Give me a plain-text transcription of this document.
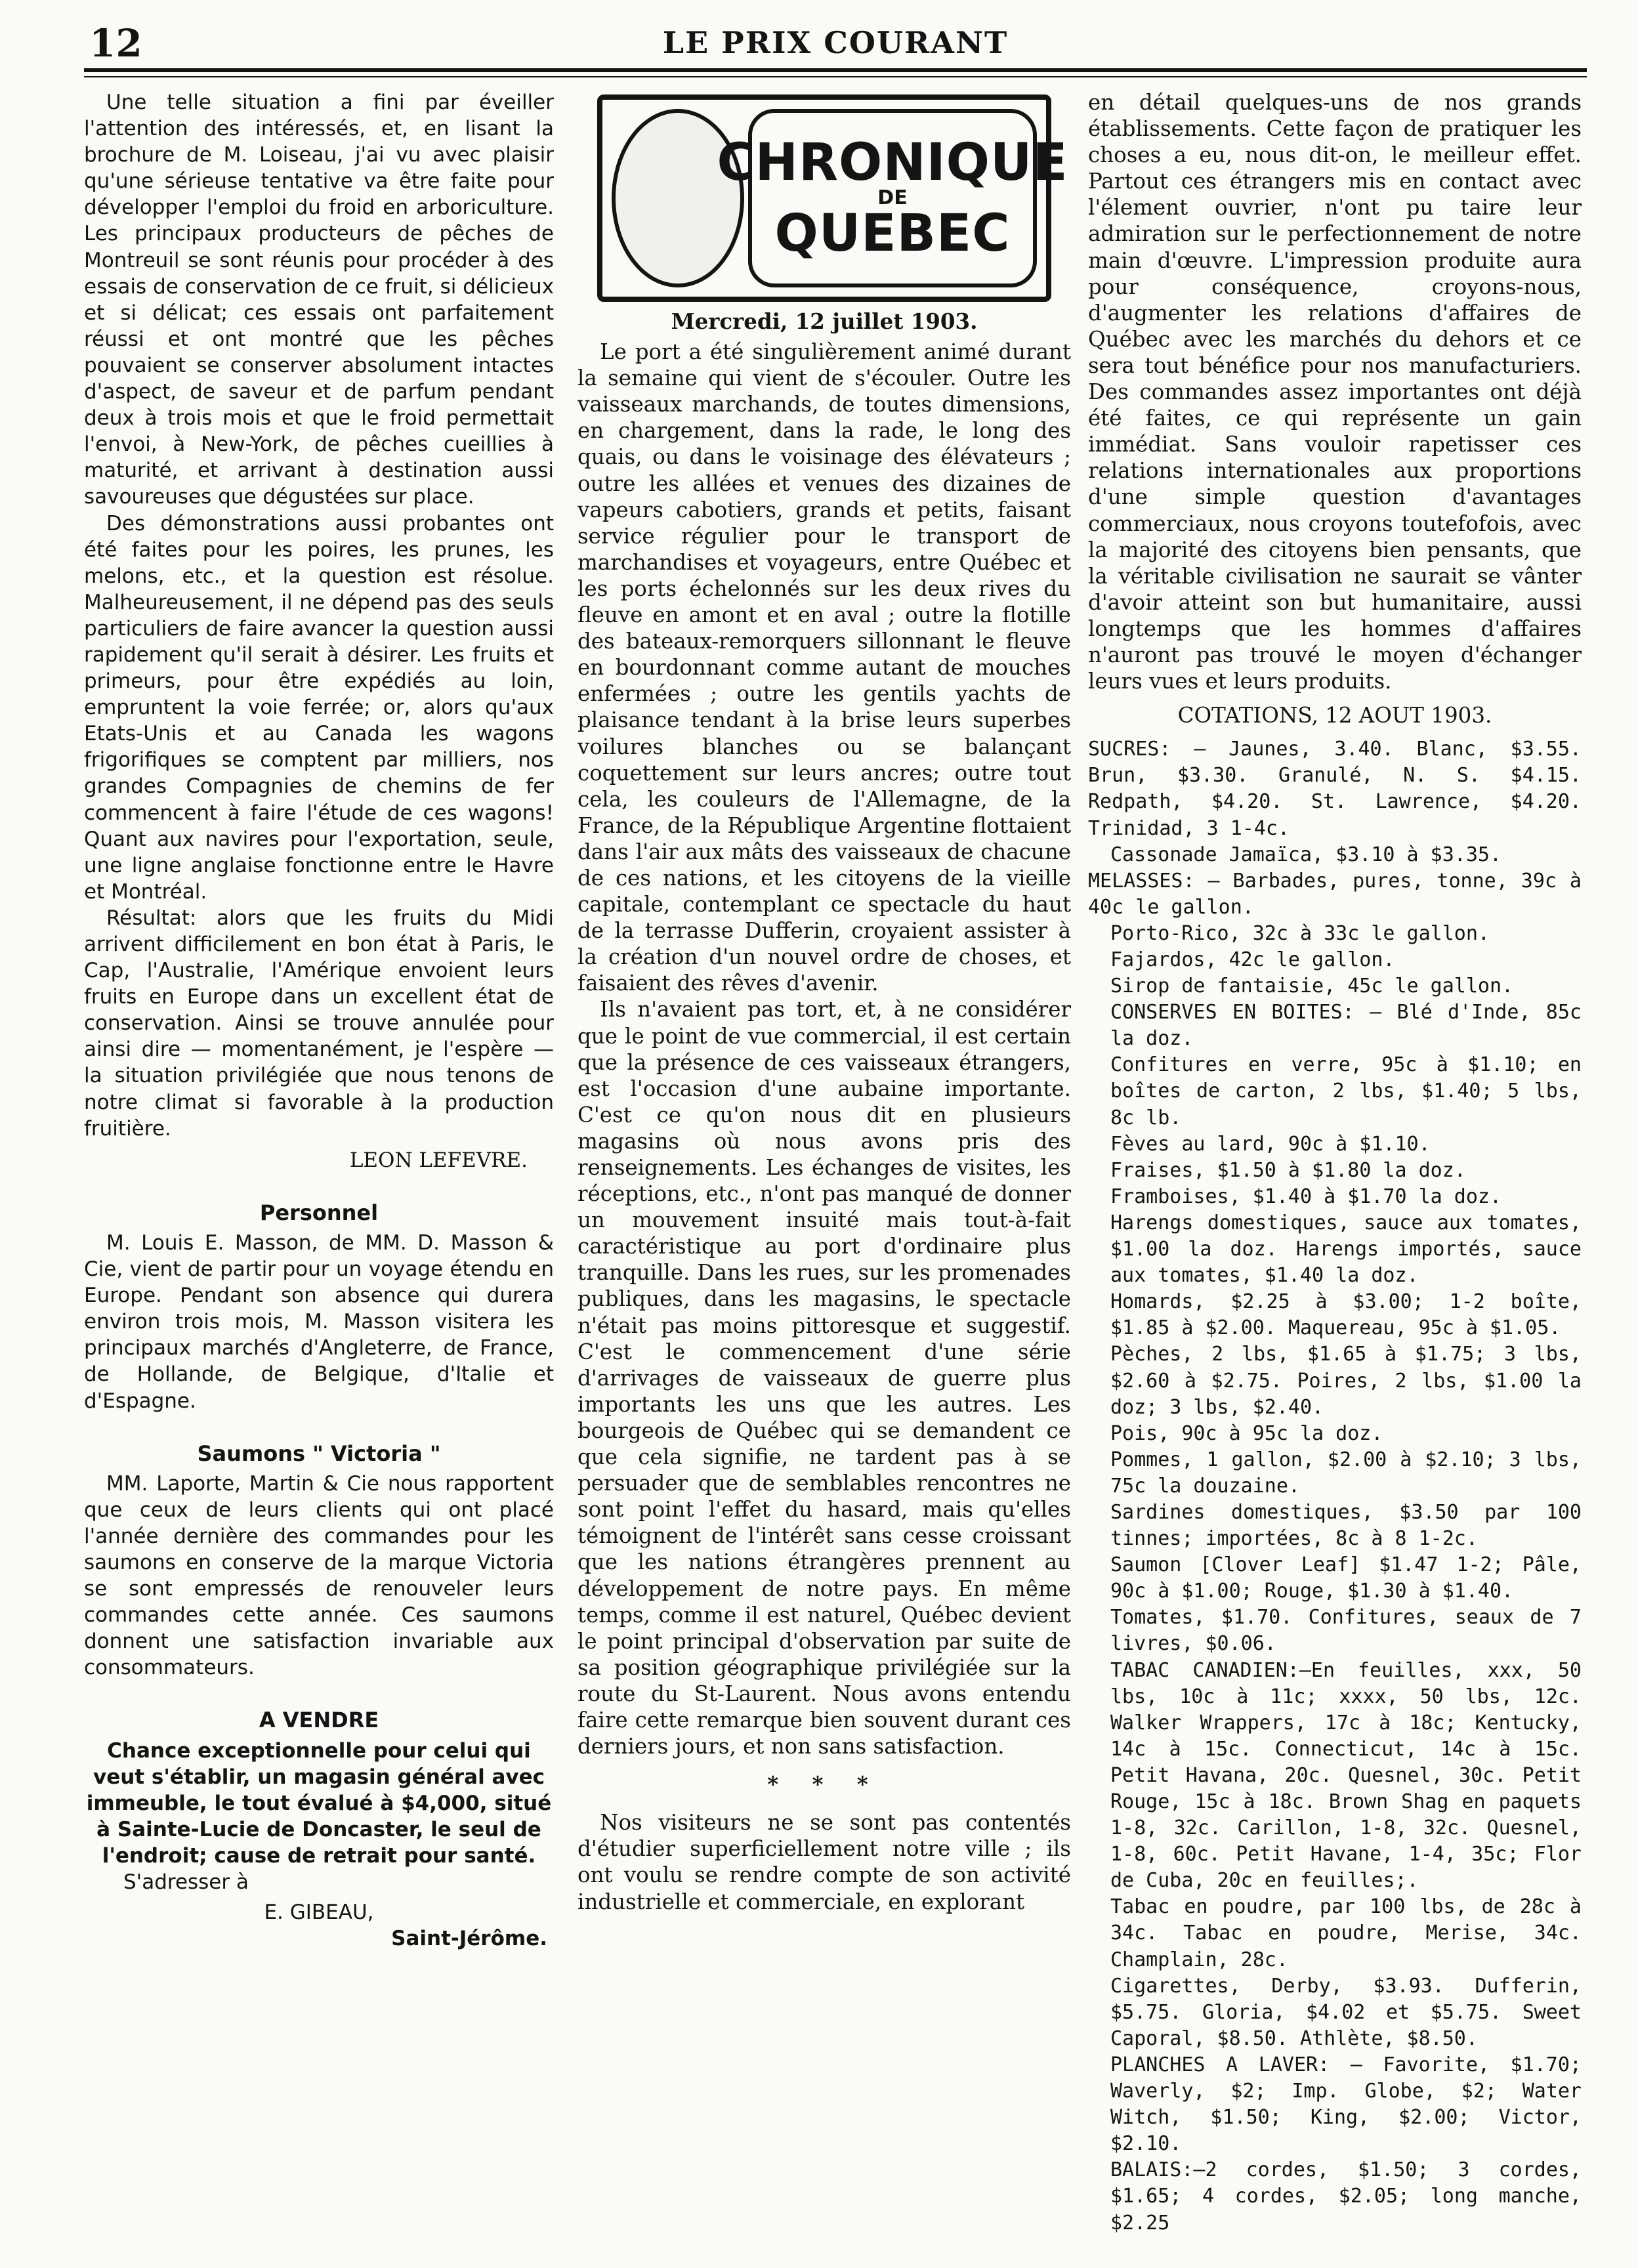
12	LE PRIX COURANT

Une telle situation a fini par éveiller l'attention des intéressés, et, en lisant la brochure de M. Loiseau, j'ai vu avec plaisir qu'une sérieuse tentative va être faite pour développer l'emploi du froid en arboriculture. Les principaux producteurs de pêches de Montreuil se sont réunis pour procéder à des essais de conservation de ce fruit, si délicieux et si délicat; ces essais ont parfaitement réussi et ont montré que les pêches pouvaient se conserver absolument intactes d'aspect, de saveur et de parfum pendant deux à trois mois et que le froid permettait l'envoi, à New-York, de pêches cueillies à maturité, et arrivant à destination aussi savoureuses que dégustées sur place.

Des démonstrations aussi probantes ont été faites pour les poires, les prunes, les melons, etc., et la question est résolue. Malheureusement, il ne dépend pas des seuls particuliers de faire avancer la question aussi rapidement qu'il serait à désirer. Les fruits et primeurs, pour être expédiés au loin, empruntent la voie ferrée; or, alors qu'aux Etats-Unis et au Canada les wagons frigorifiques se comptent par milliers, nos grandes Compagnies de chemins de fer commencent à faire l'étude de ces wagons! Quant aux navires pour l'exportation, seule, une ligne anglaise fonctionne entre le Havre et Montréal.

Résultat: alors que les fruits du Midi arrivent difficilement en bon état à Paris, le Cap, l'Australie, l'Amérique envoient leurs fruits en Europe dans un excellent état de conservation. Ainsi se trouve annulée pour ainsi dire — momentanément, je l'espère — la situation privilégiée que nous tenons de notre climat si favorable à la production fruitière.

LEON LEFEVRE.
Personnel

M. Louis E. Masson, de MM. D. Masson & Cie, vient de partir pour un voyage étendu en Europe. Pendant son absence qui durera environ trois mois, M. Masson visitera les principaux marchés d'Angleterre, de France, de Hollande, de Belgique, d'Italie et d'Espagne.

Saumons " Victoria "

MM. Laporte, Martin & Cie nous rapportent que ceux de leurs clients qui ont placé l'année dernière des commandes pour les saumons en conserve de la marque Victoria se sont empressés de renouveler leurs commandes cette année. Ces saumons donnent une satisfaction invariable aux consommateurs.

A VENDRE
Chance exceptionnelle pour celui qui veut s'établir, un magasin général avec immeuble, le tout évalué à $4,000, situé à Sainte-Lucie de Doncaster, le seul de l'endroit; cause de retrait pour santé.
S'adresser à
E. GIBEAU,
Saint-Jérôme.
CHRONIQUE
DE
QUEBEC
Mercredi, 12 juillet 1903.

Le port a été singulièrement animé durant la semaine qui vient de s'écouler. Outre les vaisseaux marchands, de toutes dimensions, en chargement, dans la rade, le long des quais, ou dans le voisinage des élévateurs ; outre les allées et venues des dizaines de vapeurs cabotiers, grands et petits, faisant service régulier pour le transport de marchandises et voyageurs, entre Québec et les ports échelonnés sur les deux rives du fleuve en amont et en aval ; outre la flotille des bateaux-remorquers sillonnant le fleuve en bourdonnant comme autant de mouches enfermées ; outre les gentils yachts de plaisance tendant à la brise leurs superbes voilures blanches ou se balançant coquettement sur leurs ancres; outre tout cela, les couleurs de l'Allemagne, de la France, de la République Argentine flottaient dans l'air aux mâts des vaisseaux de chacune de ces nations, et les citoyens de la vieille capitale, contemplant ce spectacle du haut de la terrasse Dufferin, croyaient assister à la création d'un nouvel ordre de choses, et faisaient des rêves d'avenir.

Ils n'avaient pas tort, et, à ne considérer que le point de vue commercial, il est certain que la présence de ces vaisseaux étrangers, est l'occasion d'une aubaine importante. C'est ce qu'on nous dit en plusieurs magasins où nous avons pris des renseignements. Les échanges de visites, les réceptions, etc., n'ont pas manqué de donner un mouvement insuité mais tout-à-fait caractéristique au port d'ordinaire plus tranquille. Dans les rues, sur les promenades publiques, dans les magasins, le spectacle n'était pas moins pittoresque et suggestif. C'est le commencement d'une série d'arrivages de vaisseaux de guerre plus importants les uns que les autres. Les bourgeois de Québec qui se demandent ce que cela signifie, ne tardent pas à se persuader que de semblables rencontres ne sont point l'effet du hasard, mais qu'elles témoignent de l'intérêt sans cesse croissant que les nations étrangères prennent au développement de notre pays. En même temps, comme il est naturel, Québec devient le point principal d'observation par suite de sa position géographique privilégiée sur la route du St-Laurent. Nous avons entendu faire cette remarque bien souvent durant ces derniers jours, et non sans satisfaction.

* * *

Nos visiteurs ne se sont pas contentés d'étudier superficiellement notre ville ; ils ont voulu se rendre compte de son activité industrielle et commerciale, en explorant

en détail quelques-uns de nos grands établissements. Cette façon de pratiquer les choses a eu, nous dit-on, le meilleur effet. Partout ces étrangers mis en contact avec l'élement ouvrier, n'ont pu taire leur admiration sur le perfectionnement de notre main d'œuvre. L'impression produite aura pour conséquence, croyons-nous, d'augmenter les relations d'affaires de Québec avec les marchés du dehors et ce sera tout bénéfice pour nos manufacturiers. Des commandes assez importantes ont déjà été faites, ce qui représente un gain immédiat. Sans vouloir rapetisser ces relations internationales aux proportions d'une simple question d'avantages commerciaux, nous croyons toutefofois, avec la majorité des citoyens bien pensants, que la véritable civilisation ne saurait se vânter d'avoir atteint son but humanitaire, aussi longtemps que les hommes d'affaires n'auront pas trouvé le moyen d'échanger leurs vues et leurs produits.

COTATIONS, 12 AOUT 1903.

SUCRES: — Jaunes, 3.40. Blanc, $3.55. Brun, $3.30. Granulé, N. S. $4.15. Redpath, $4.20. St. Lawrence, $4.20. Trinidad, 3 1-4c.

Cassonade Jamaïca, $3.10 à $3.35.

MELASSES: — Barbades, pures, tonne, 39c à 40c le gallon.

Porto-Rico, 32c à 33c le gallon.

Fajardos, 42c le gallon.

Sirop de fantaisie, 45c le gallon.

CONSERVES EN BOITES: — Blé d'Inde, 85c la doz.

Confitures en verre, 95c à $1.10; en boîtes de carton, 2 lbs, $1.40; 5 lbs, 8c lb.

Fèves au lard, 90c à $1.10.

Fraises, $1.50 à $1.80 la doz.

Framboises, $1.40 à $1.70 la doz.

Harengs domestiques, sauce aux tomates, $1.00 la doz. Harengs importés, sauce aux tomates, $1.40 la doz.

Homards, $2.25 à $3.00; 1-2 boîte, $1.85 à $2.00. Maquereau, 95c à $1.05.

Pèches, 2 lbs, $1.65 à $1.75; 3 lbs, $2.60 à $2.75. Poires, 2 lbs, $1.00 la doz; 3 lbs, $2.40.

Pois, 90c à 95c la doz.

Pommes, 1 gallon, $2.00 à $2.10; 3 lbs, 75c la douzaine.

Sardines domestiques, $3.50 par 100 tinnes; importées, 8c à 8 1-2c.

Saumon [Clover Leaf] $1.47 1-2; Pâle, 90c à $1.00; Rouge, $1.30 à $1.40.

Tomates, $1.70. Confitures, seaux de 7 livres, $0.06.

TABAC CANADIEN:—En feuilles, xxx, 50 lbs, 10c à 11c; xxxx, 50 lbs, 12c. Walker Wrappers, 17c à 18c; Kentucky, 14c à 15c. Connecticut, 14c à 15c. Petit Havana, 20c. Quesnel, 30c. Petit Rouge, 15c à 18c. Brown Shag en paquets 1-8, 32c. Carillon, 1-8, 32c. Quesnel, 1-8, 60c. Petit Havane, 1-4, 35c; Flor de Cuba, 20c en feuilles;.

Tabac en poudre, par 100 lbs, de 28c à 34c. Tabac en poudre, Merise, 34c. Champlain, 28c.

Cigarettes, Derby, $3.93. Dufferin, $5.75. Gloria, $4.02 et $5.75. Sweet Caporal, $8.50. Athlète, $8.50.

PLANCHES A LAVER: — Favorite, $1.70; Waverly, $2; Imp. Globe, $2; Water Witch, $1.50; King, $2.00; Victor, $2.10.

BALAIS:—2 cordes, $1.50; 3 cordes, $1.65; 4 cordes, $2.05; long manche, $2.25
